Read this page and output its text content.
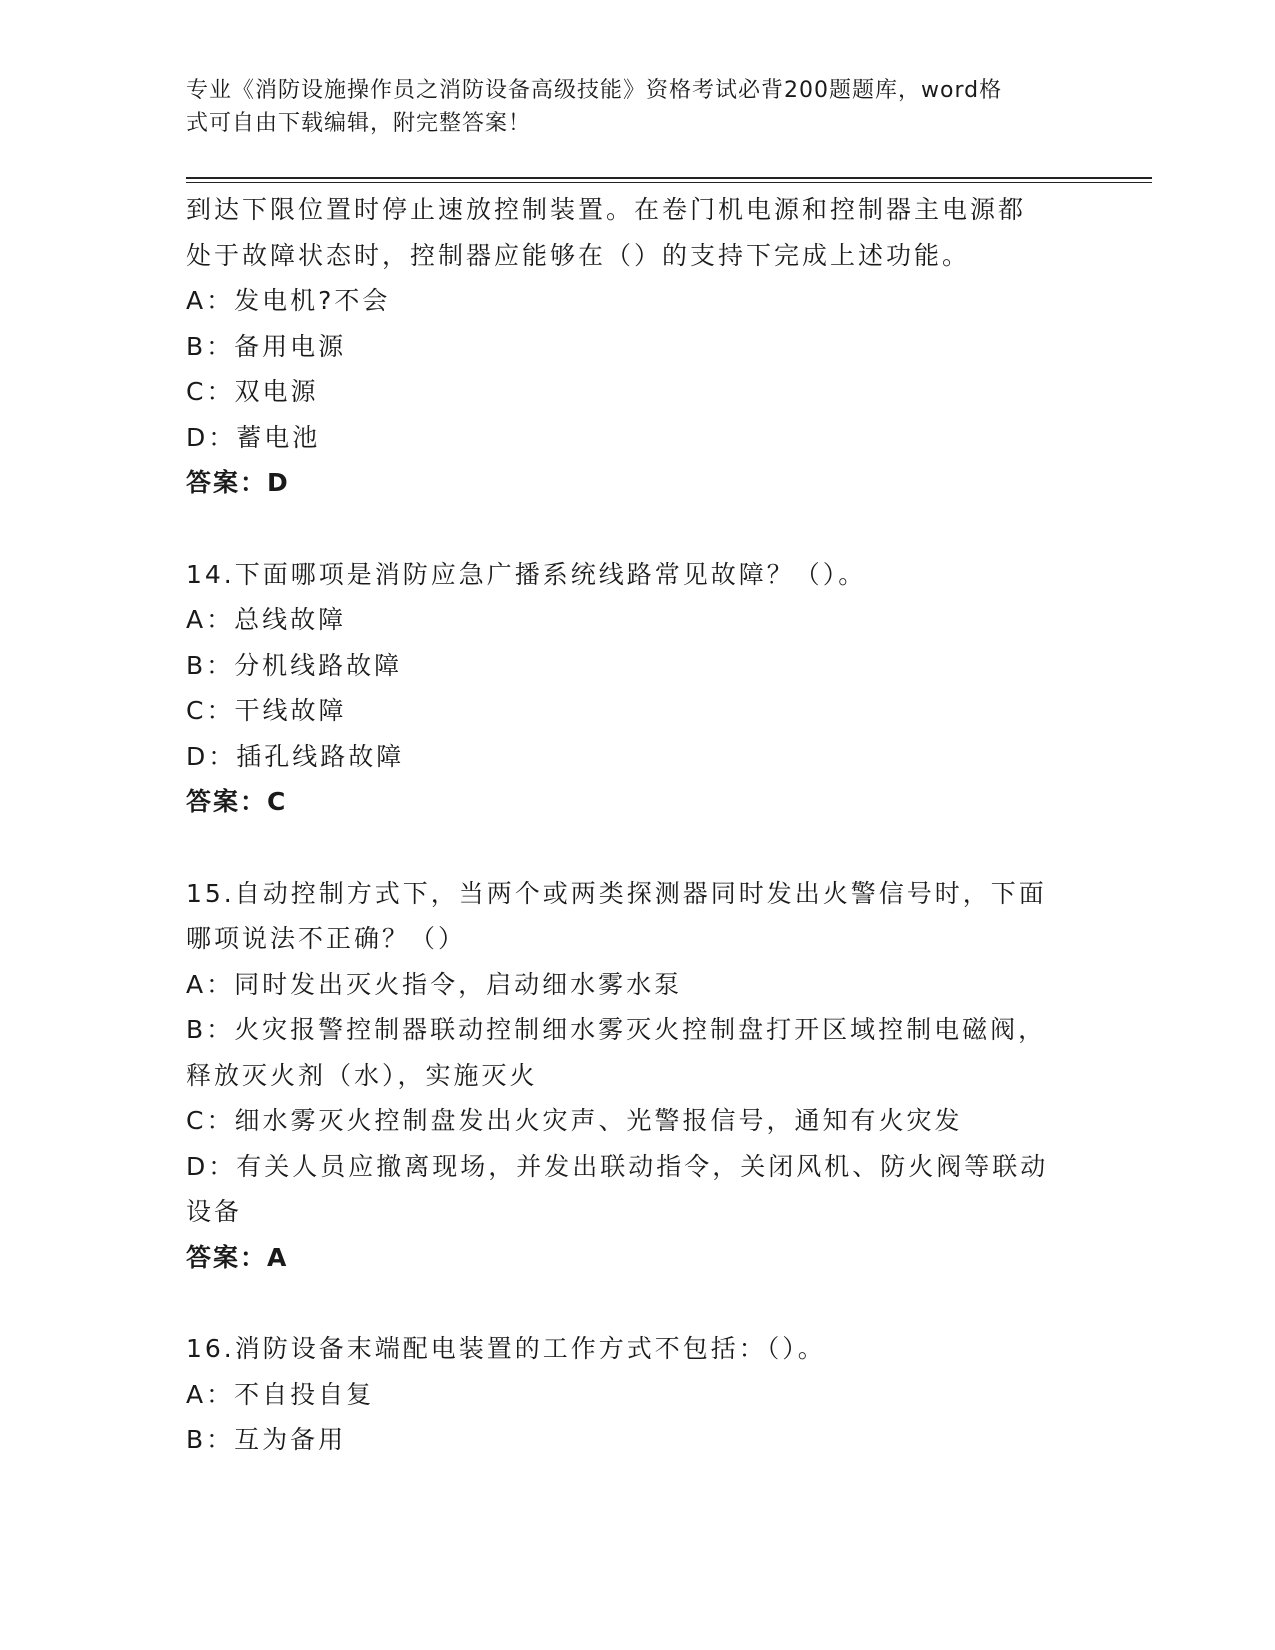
专业《消防设施操作员之消防设备高级技能》资格考试必背200题题库，word格
式可自由下载编辑，附完整答案！
到达下限位置时停止速放控制装置。在卷门机电源和控制器主电源都
处于故障状态时，控制器应能够在（）的支持下完成上述功能。
A：发电机?不会
B：备用电源
C：双电源
D：蓄电池
答案：D
14.下面哪项是消防应急广播系统线路常见故障？（）。
A：总线故障
B：分机线路故障
C：干线故障
D：插孔线路故障
答案：C
15.自动控制方式下，当两个或两类探测器同时发出火警信号时，下面
哪项说法不正确？（）
A：同时发出灭火指令，启动细水雾水泵
B：火灾报警控制器联动控制细水雾灭火控制盘打开区域控制电磁阀，
释放灭火剂（水），实施灭火
C：细水雾灭火控制盘发出火灾声、光警报信号，通知有火灾发
D：有关人员应撤离现场，并发出联动指令，关闭风机、防火阀等联动
设备
答案：A
16.消防设备末端配电装置的工作方式不包括：（）。
A：不自投自复
B：互为备用
